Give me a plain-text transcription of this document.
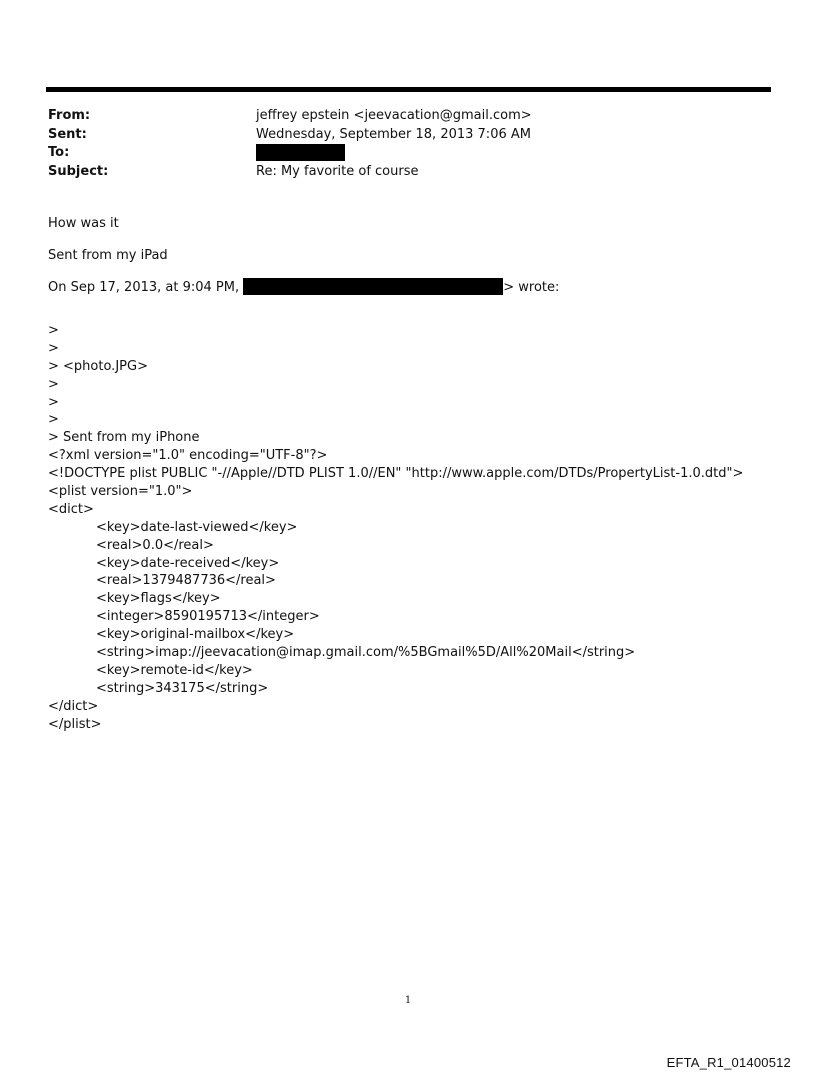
From:	jeffrey epstein <jeevacation@gmail.com>
Sent:	Wednesday, September 18, 2013 7:06 AM
To:
Subject:	Re: My favorite of course

How was it

Sent from my iPad

On Sep 17, 2013, at 9:04 PM,	> wrote:

>
>
> <photo.JPG>
>
>
>
> Sent from my iPhone
<?xml version="1.0" encoding="UTF-8"?>
<!DOCTYPE plist PUBLIC "-//Apple//DTD PLIST 1.0//EN" "http://www.apple.com/DTDs/PropertyList-1.0.dtd">
<plist version="1.0">
<dict>
<key>date-last-viewed</key>
<real>0.0</real>
<key>date-received</key>
<real>1379487736</real>
<key>flags</key>
<integer>8590195713</integer>
<key>original-mailbox</key>
<string>imap://jeevacation@imap.gmail.com/%5BGmail%5D/All%20Mail</string>
<key>remote-id</key>
<string>343175</string>
</dict>
</plist>
1
EFTA_R1_01400512
